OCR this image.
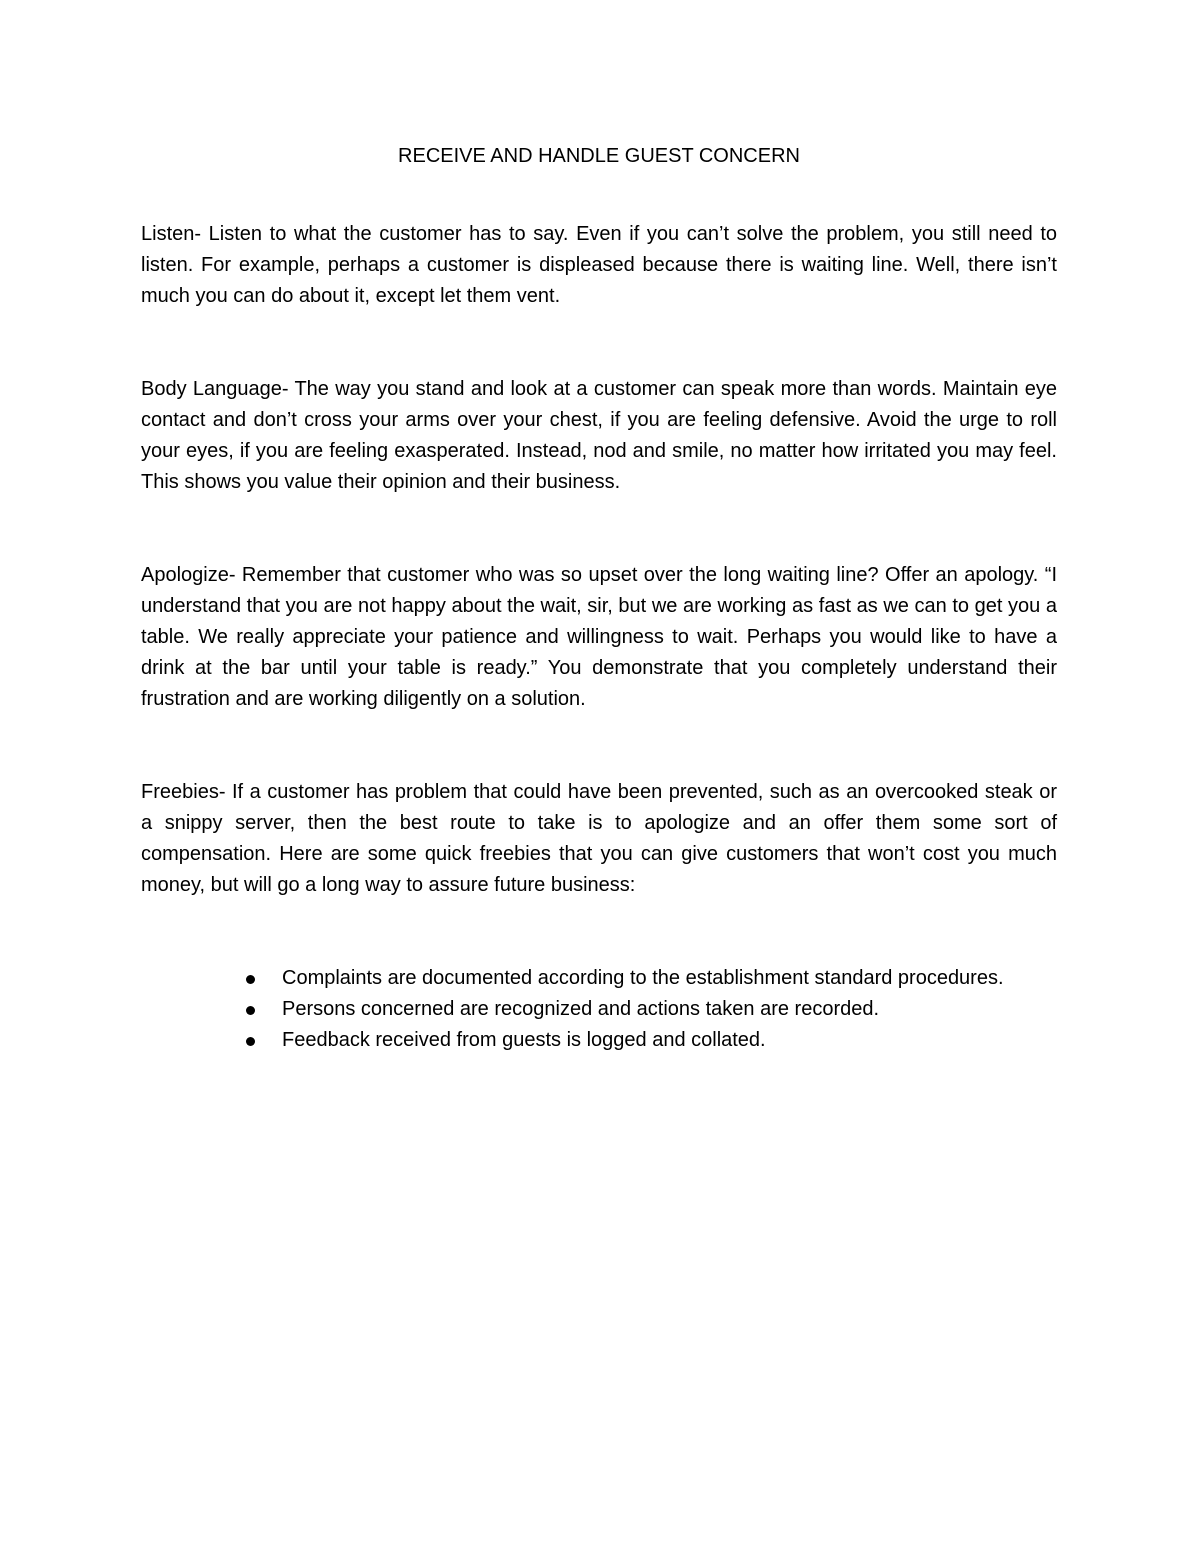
RECEIVE AND HANDLE GUEST CONCERN

Listen- Listen to what the customer has to say. Even if you can’t solve the problem, you still need to listen. For example, perhaps a customer is displeased because there is waiting line. Well, there isn’t much you can do about it, except let them vent.

Body Language- The way you stand and look at a customer can speak more than words. Maintain eye contact and don’t cross your arms over your chest, if you are feeling defensive. Avoid the urge to roll your eyes, if you are feeling exasperated. Instead, nod and smile, no matter how irritated you may feel. This shows you value their opinion and their business.

Apologize- Remember that customer who was so upset over the long waiting line? Offer an apology. “I understand that you are not happy about the wait, sir, but we are working as fast as we can to get you a table. We really appreciate your patience and willingness to wait. Perhaps you would like to have a drink at the bar until your table is ready.” You demonstrate that you completely understand their frustration and are working diligently on a solution.

Freebies- If a customer has problem that could have been prevented, such as an overcooked steak or a snippy server, then the best route to take is to apologize and an offer them some sort of compensation. Here are some quick freebies that you can give customers that won’t cost you much money, but will go a long way to assure future business:

Complaints are documented according to the establishment standard procedures.
Persons concerned are recognized and actions taken are recorded.
Feedback received from guests is logged and collated.
